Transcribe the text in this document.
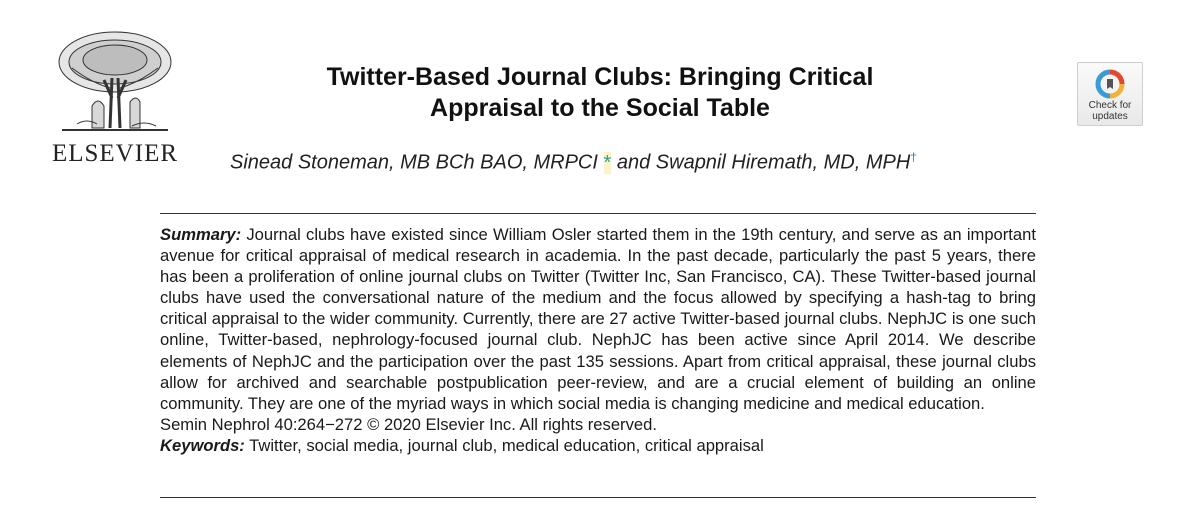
ELSEVIER
Twitter-Based Journal Clubs: Bringing Critical
Appraisal to the Social Table	Check for
updates
Sinead Stoneman, MB BCh BAO, MRPCI * and Swapnil Hiremath, MD, MPH†
Summary: Journal clubs have existed since William Osler started them in the 19th century, and serve as an important avenue for critical appraisal of medical research in academia. In the past decade, particularly the past 5 years, there has been a proliferation of online journal clubs on Twitter (Twitter Inc, San Francisco, CA). These Twitter-based journal clubs have used the conversational nature of the medium and the focus allowed by specifying a hash-tag to bring critical appraisal to the wider community. Currently, there are 27 active Twitter-based journal clubs. NephJC is one such online, Twitter-based, nephrology-focused journal club. NephJC has been active since April 2014. We describe elements of NephJC and the participation over the past 135 sessions. Apart from critical appraisal, these journal clubs allow for archived and searchable postpublication peer-review, and are a crucial element of building an online community. They are one of the myriad ways in which social media is changing medicine and medical education.
Semin Nephrol 40:264−272 © 2020 Elsevier Inc. All rights reserved.
Keywords: Twitter, social media, journal club, medical education, critical appraisal
